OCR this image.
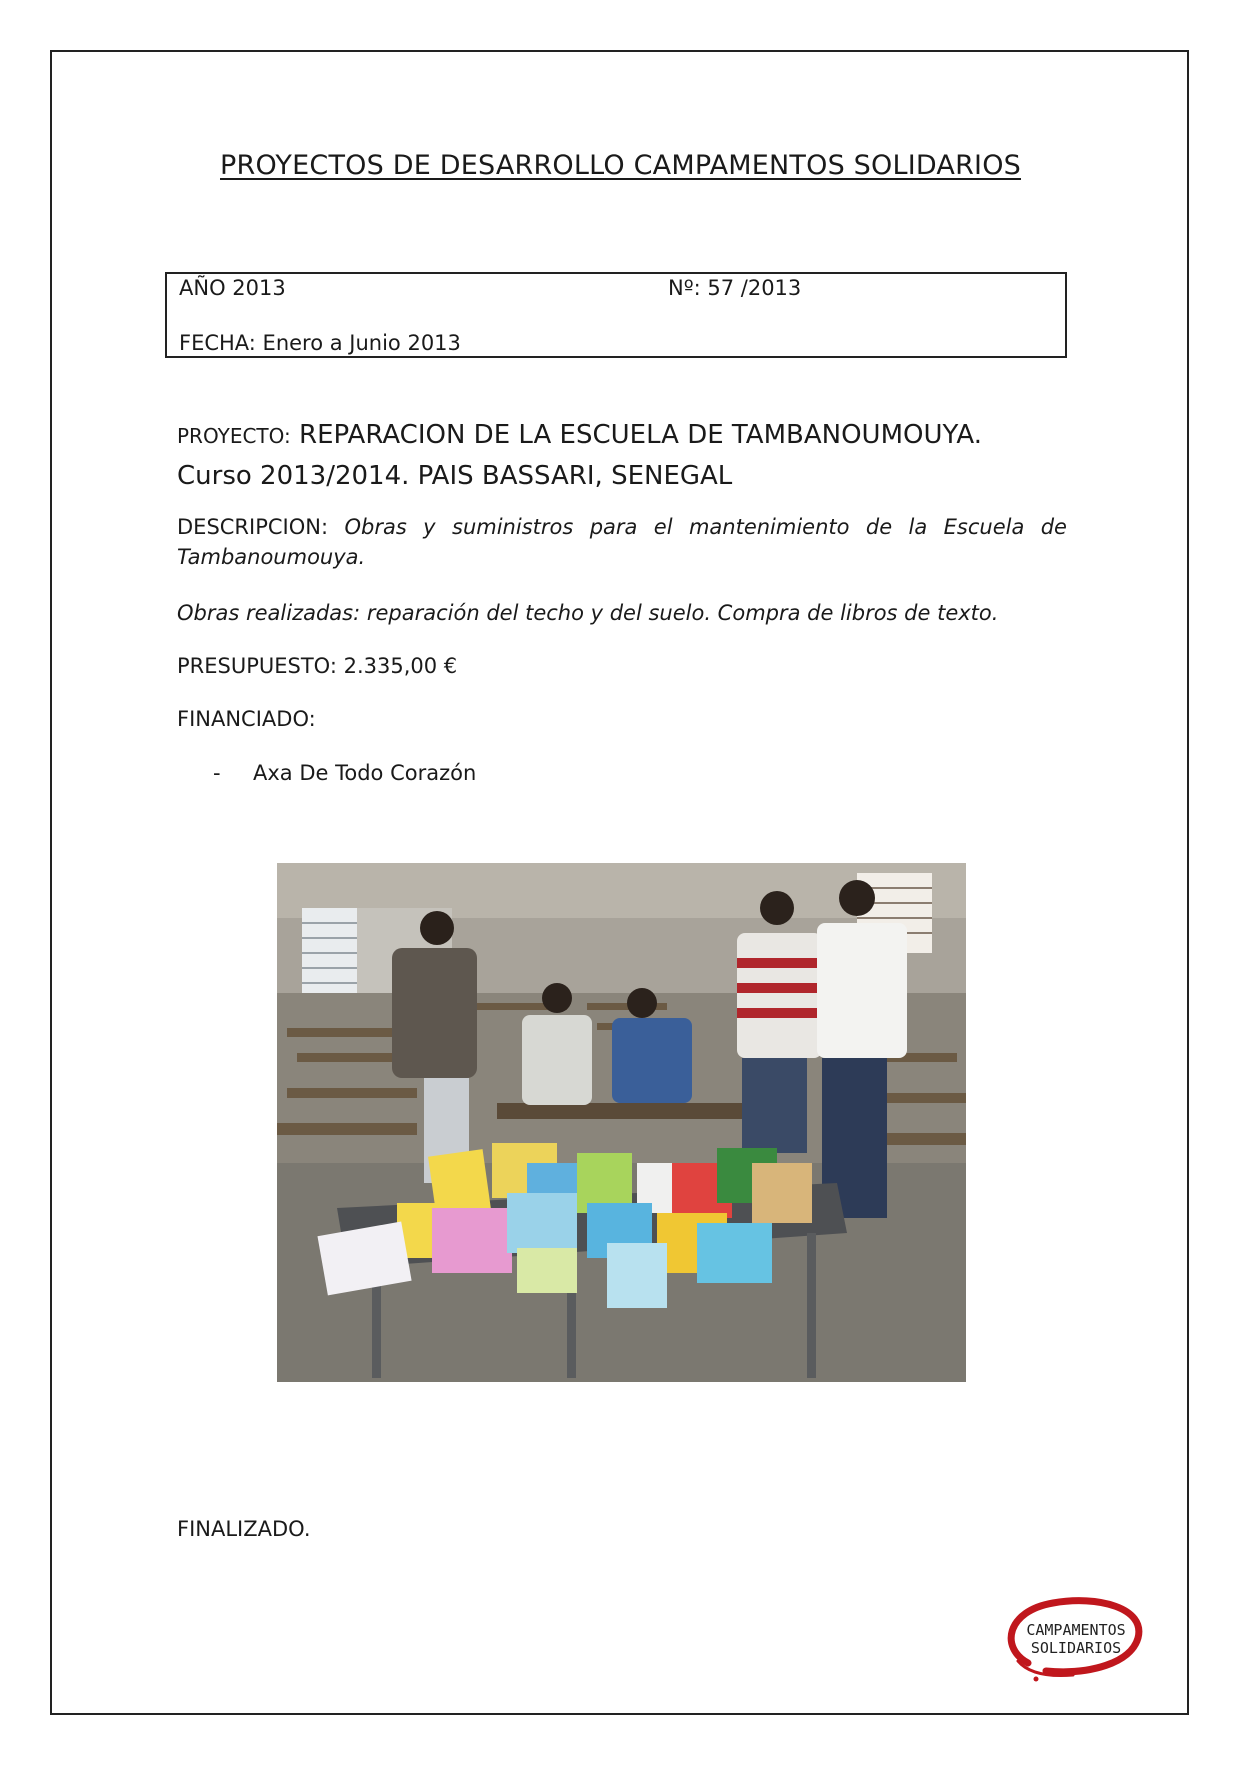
PROYECTOS DE DESARROLLO CAMPAMENTOS SOLIDARIOS
AÑO 2013	Nº: 57 /2013
FECHA: Enero a Junio 2013
PROYECTO: REPARACION DE LA ESCUELA DE TAMBANOUMOUYA.
Curso 2013/2014. PAIS BASSARI, SENEGAL
DESCRIPCION: Obras y suministros para el mantenimiento de la Escuela de Tambanoumouya.
Obras realizadas: reparación del techo y del suelo. Compra de libros de texto.
PRESUPUESTO: 2.335,00 €
FINANCIADO:
- Axa De Todo Corazón
FINALIZADO.
CAMPAMENTOS
SOLIDARIOS
